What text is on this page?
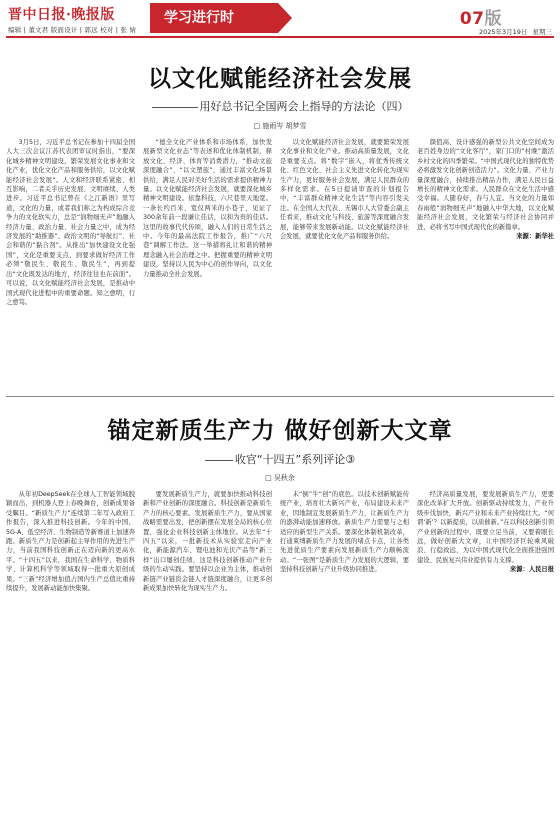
晋中日报·晚报版
编辑 | 董文君 版面设计 | 郭远 校对 | 张 婧
学习进行时	07版
2025年3月19日 星期三
以文化赋能经济社会发展
用好总书记全国两会上指导的方法论（四）
□ 施雨岑 胡梦雪

3月5日，习近平总书记在参加十四届全国人大三次会议江苏代表团审议时指出，“要深化城乡精神文明建设，繁荣发展文化事业和文化产业，优化文化产品和服务供给，以文化赋能经济社会发展”。人文和经济联系紧密、相互影响，二者关乎历史发展、文明赓续、人类进步。习近平总书记曾在《之江新语》里写道，文化的力量，或者我们称之为构成综合竞争力的文化软实力，总是“润物细无声”地融入经济力量、政治力量、社会力量之中，成为经济发展的“助推器”、政治文明的“导航灯”、社会和谐的“黏合剂”。从推出“加快建设文化强国”，文化是重要支点，到要求做好经济工作必须“敬民生、敬民生、敬民生”，再到提出“文化既发达的地方，经济往往也在前面”。可以说，以文化赋能经济社会发展，是推动中国式现代化进程中的重要命题。知之愈明，行之愈笃。

“德全文化产业体系和市场体系，加快发展新型文化业态”等表述和优化体制机制，释放文化、经济、体育等消费潜力，“推动文旅深度融合”、“以文塑旅”，通过丰富文化场景供给，满足人民对美好生活的需求提供精神力量。以文化赋能经济社会发展，就要深化城乡精神文明建设。依靠科技，六尺巷里天地宽。一条长约百米、宽仅两米的小巷子，见证了300余年前一段谦让佳话，以和为贵的佳话。这里的故事代代传颂，融入人们的日常生活之中。今年的最高法院工作报告，推广“六尺巷”调解工作法。这一举措将礼让和谐的精神理念融入社会治理之中。把握重要的精神文明建设，坚持以人民为中心的创作导向，以文化力量推动全社会发展。

以文化赋能经济社会发展，就要繁荣发展文化事业和文化产业。推动高质量发展，文化是重要支点。将“数字”嵌入，将优秀传统文化、红色文化、社会主义先进文化转化为现实生产力，更好服务社会发展，满足人民群众的多样化需求。在5日提请审查的计划报告中，“丰富群众精神文化生活”等内容引发关注。在全国人大代表、无锡市人大常委会副主任看来，推动文化与科技、旅游等深度融合发展，能够带来发展新动能。以文化赋能经济社会发展，就要优化文化产品和服务供给。

颜值高、设计感强的新型公共文化空间成为老百姓身边的“文化客厅”，家门口的“村晚”激活乡村文化的四季繁荣。“中国式现代化的独特优势必将激发文化创新创造活力”。文化力量、产业力量深度融合，持续推出精品力作，满足人民日益增长的精神文化需求。人民群众在文化生活中感受幸福。人随春好，春与人宜。当文化的力量如春雨般“润物细无声”地融入中华大地，以文化赋能经济社会发展，文化繁荣与经济社会协同并进，必将书写中国式现代化的新篇章。

来源：新华社
锚定新质生产力 做好创新大文章
收官“十四五”系列评论③
□ 吴秋余

从年初DeepSeek在全球人工智能领域脱颖而出，到机器人登上春晚舞台，创新成果备受瞩目。“新质生产力”连续第二年写入政府工作报告，深入推进科技创新。今年的中国，5G-A、低空经济、生物制造等新赛道上加速奔跑。新质生产力是创新起主导作用的先进生产力，当前我国科技创新正在迈向新的更高水平。“十四五”以来，我国在生命科学、物质科学、计算机科学等领域取得一批重大原创成果。“三新”经济增加值占国内生产总值比重持续提升，发展新动能加快集聚。

要发展新质生产力，就要加快推动科技创新和产业创新的深度融合。科技创新是新质生产力的核心要素。发展新质生产力，要从国家战略需要出发，把创新摆在发展全局的核心位置，强化企业科技创新主体地位。从去年“十四五”以来，一批新技术从实验室走向产业化，新能源汽车、锂电池和光伏产品等“新三样”出口屡创佳绩，这是科技创新推动产业升级的生动实践。要坚持以企业为主体，推动创新链产业链资金链人才链深度融合，让更多创新成果加快转化为现实生产力。

未“倒”牛“创”的底色。以技术创新赋能传统产业，培育壮大新兴产业，布局建设未来产业，因地制宜发展新质生产力，让新质生产力的澎湃动能加速释放。新质生产力需要与之相适应的新型生产关系。要深化体制机制改革，打通束缚新质生产力发展的堵点卡点，让各类先进优质生产要素向发展新质生产力顺畅流动。“一张图”是新质生产力发展的大逻辑，要坚持科技创新与产业升级协同推进。

经济高质量发展，要发展新质生产力，更要深化改革扩大开放。创新驱动持续发力，产业升级步伐加快，新兴产业和未来产业持续壮大。“何谓‘新’？以新提质，以质催新。”在以科技创新引领产业创新的过程中，既要立足当前，又要着眼长远，做好创新大文章，让中国经济巨轮乘风破浪、行稳致远，为以中国式现代化全面推进强国建设、民族复兴伟业提供有力支撑。

来源：人民日报
